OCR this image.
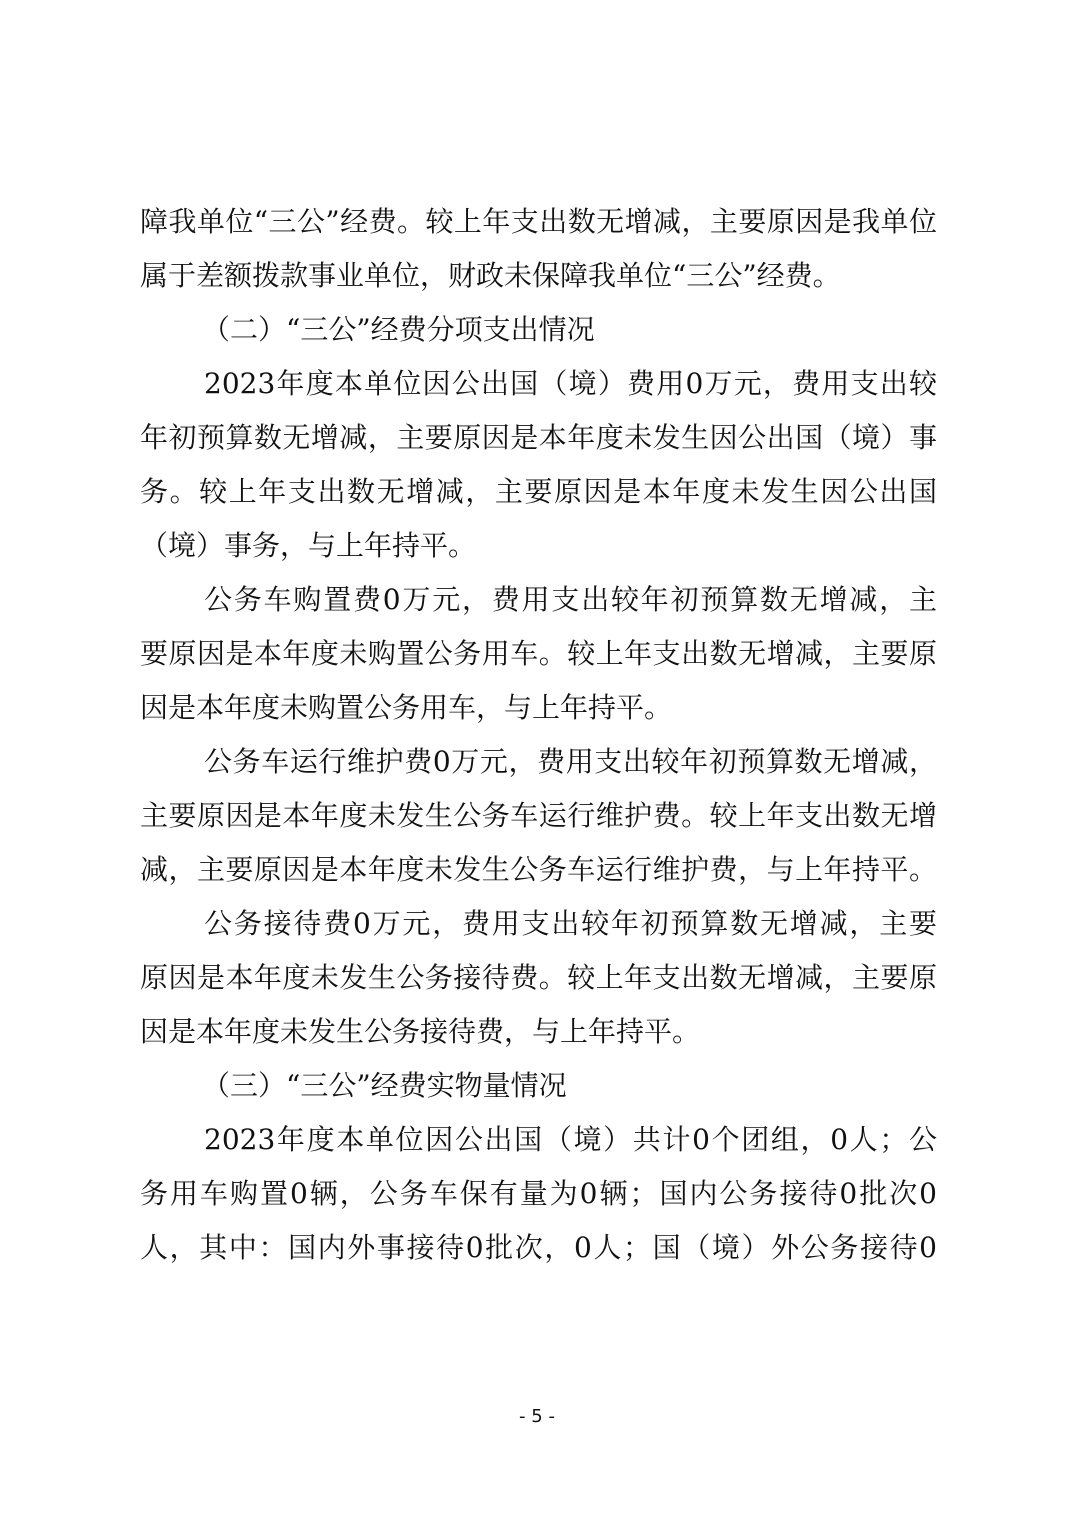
障我单位“三公”经费。较上年支出数无增减，主要原因是我单位
属于差额拨款事业单位，财政未保障我单位“三公”经费。
（二）“三公”经费分项支出情况
2023年度本单位因公出国（境）费用0万元，费用支出较
年初预算数无增减，主要原因是本年度未发生因公出国（境）事
务。较上年支出数无增减，主要原因是本年度未发生因公出国
（境）事务，与上年持平。
公务车购置费0万元，费用支出较年初预算数无增减，主
要原因是本年度未购置公务用车。较上年支出数无增减，主要原
因是本年度未购置公务用车，与上年持平。
公务车运行维护费0万元，费用支出较年初预算数无增减，
主要原因是本年度未发生公务车运行维护费。较上年支出数无增
减，主要原因是本年度未发生公务车运行维护费，与上年持平。
公务接待费0万元，费用支出较年初预算数无增减，主要
原因是本年度未发生公务接待费。较上年支出数无增减，主要原
因是本年度未发生公务接待费，与上年持平。
（三）“三公”经费实物量情况
2023年度本单位因公出国（境）共计0个团组，0人；公
务用车购置0辆，公务车保有量为0辆；国内公务接待0批次0
人，其中：国内外事接待0批次，0人；国（境）外公务接待0
- 5 -
